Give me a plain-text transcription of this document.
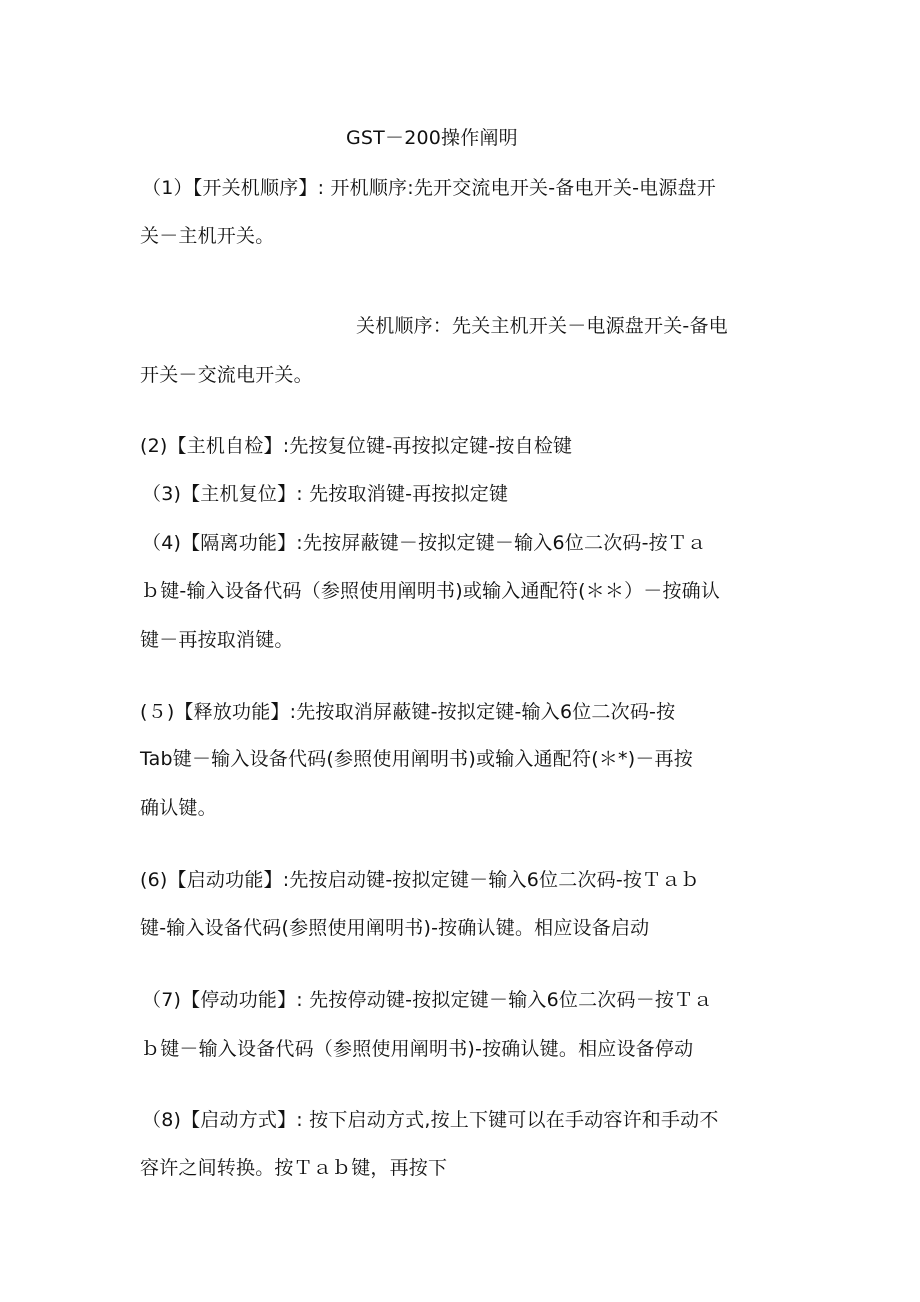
GST－200操作阐明
（1）【开关机顺序】: 开机顺序:先开交流电开关-备电开关-电源盘开
关－主机开关。
关机顺序：先关主机开关－电源盘开关-备电
开关－交流电开关。
(2)【主机自检】:先按复位键-再按拟定键-按自检键
（3)【主机复位】: 先按取消键-再按拟定键
（4)【隔离功能】:先按屏蔽键－按拟定键－输入6位二次码-按Ｔａ
ｂ键-输入设备代码（参照使用阐明书)或输入通配符(＊＊）－按确认
键－再按取消键。
(５)【释放功能】:先按取消屏蔽键-按拟定键-输入6位二次码-按
Tab键－输入设备代码(参照使用阐明书)或输入通配符(＊*)－再按
确认键。
(6)【启动功能】:先按启动键-按拟定键－输入6位二次码-按Ｔａｂ
键-输入设备代码(参照使用阐明书)-按确认键。相应设备启动
（7)【停动功能】: 先按停动键-按拟定键－输入6位二次码－按Ｔａ
ｂ键－输入设备代码（参照使用阐明书)-按确认键。相应设备停动
（8)【启动方式】: 按下启动方式,按上下键可以在手动容许和手动不
容许之间转换。按Ｔａｂ键，再按下
